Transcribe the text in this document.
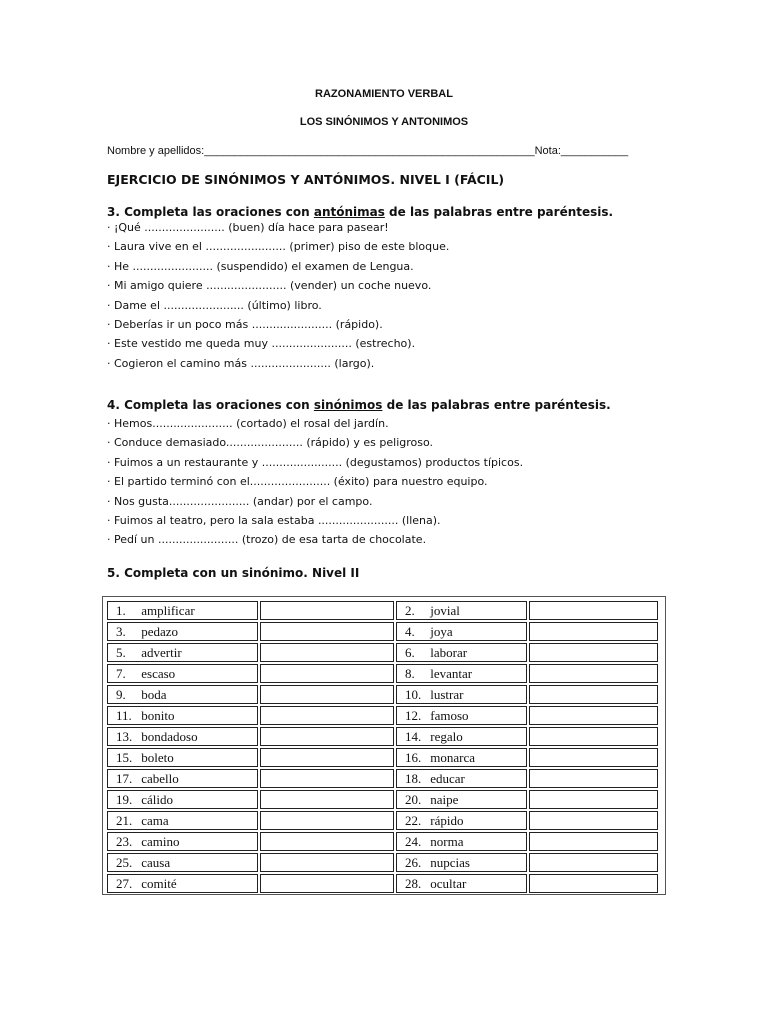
RAZONAMIENTO VERBAL
LOS SINÓNIMOS Y ANTONIMOS
Nombre y apellidos:______________________________________________________Nota:___________
EJERCICIO DE SINÓNIMOS Y ANTÓNIMOS. NIVEL I (FÁCIL)
3. Completa las oraciones con antónimas de las palabras entre paréntesis.
· ¡Qué ....................... (buen) día hace para pasear!
· Laura vive en el ....................... (primer) piso de este bloque.
· He ....................... (suspendido) el examen de Lengua.
· Mi amigo quiere ....................... (vender) un coche nuevo.
· Dame el ....................... (último) libro.
· Deberías ir un poco más ....................... (rápido).
· Este vestido me queda muy ....................... (estrecho).
· Cogieron el camino más ....................... (largo).
4. Completa las oraciones con sinónimos de las palabras entre paréntesis.
· Hemos....................... (cortado) el rosal del jardín.
· Conduce demasiado...................... (rápido) y es peligroso.
· Fuimos a un restaurante y ....................... (degustamos) productos típicos.
· El partido terminó con el....................... (éxito) para nuestro equipo.
· Nos gusta....................... (andar) por el campo.
· Fuimos al teatro, pero la sala estaba ....................... (llena).
· Pedí un ....................... (trozo) de esa tarta de chocolate.
5. Completa con un sinónimo. Nivel II
1. amplificar		2. jovial	
3. pedazo		4. joya	
5. advertir		6. laborar	
7. escaso		8. levantar	
9. boda		10. lustrar	
11. bonito		12. famoso	
13. bondadoso		14. regalo	
15. boleto		16. monarca	
17. cabello		18. educar	
19. cálido		20. naipe	
21. cama		22. rápido	
23. camino		24. norma	
25. causa		26. nupcias	
27. comité		28. ocultar	
